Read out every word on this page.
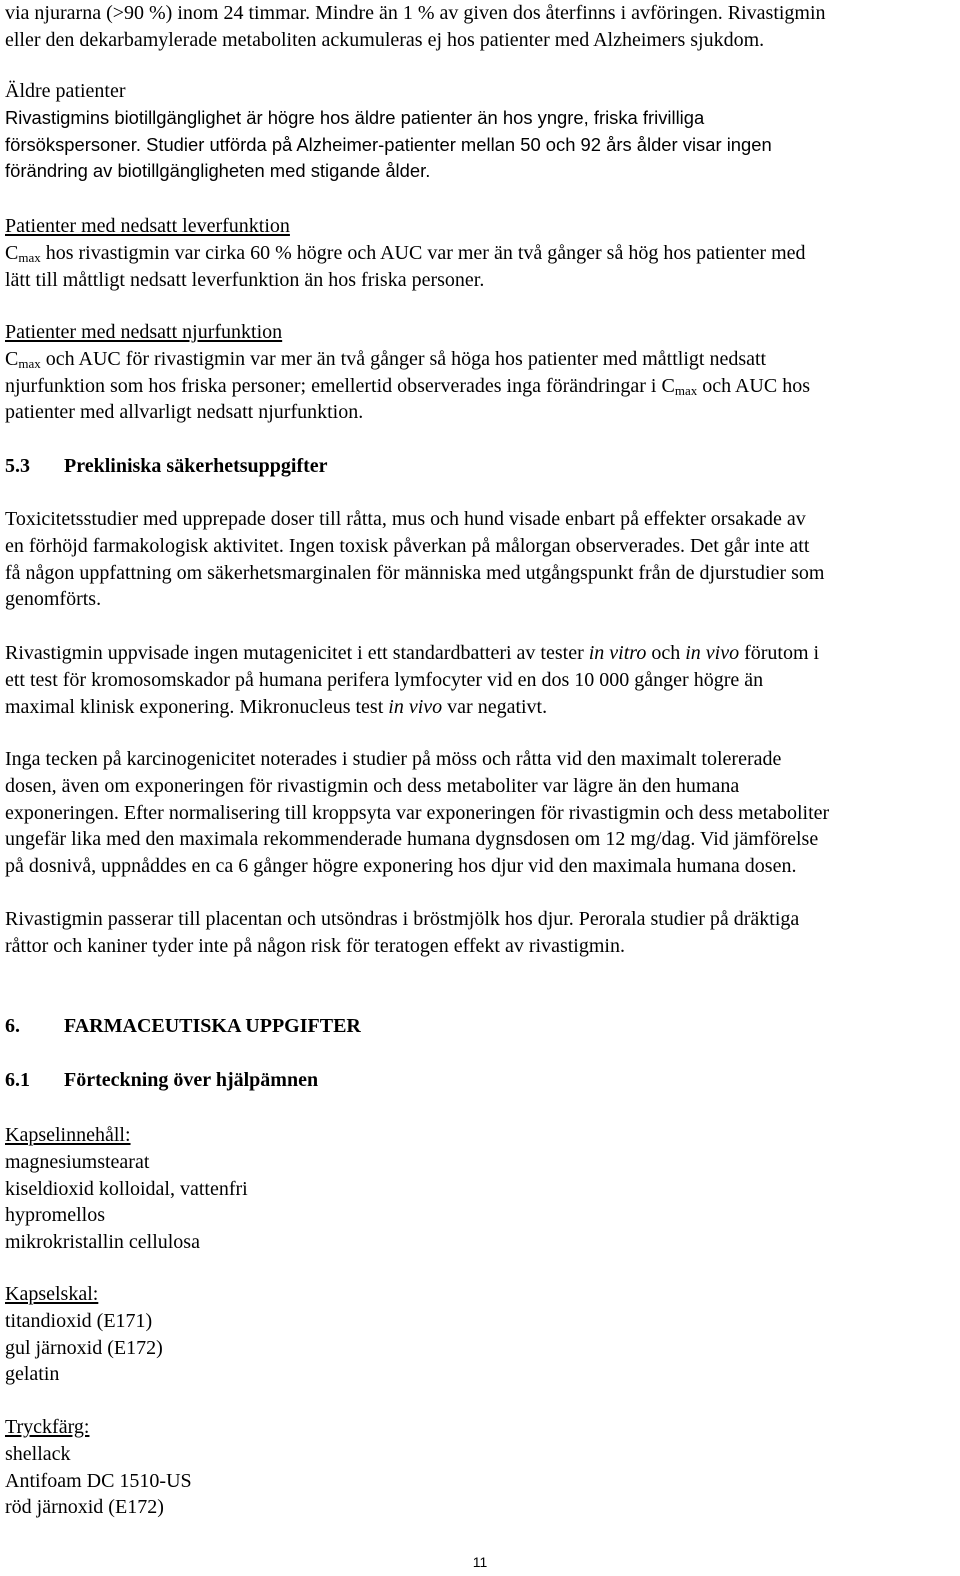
via njurarna (>90 %) inom 24 timmar. Mindre än 1 % av given dos återfinns i avföringen. Rivastigmin
eller den dekarbamylerade metaboliten ackumuleras ej hos patienter med Alzheimers sjukdom.
Äldre patienter
Rivastigmins biotillgänglighet är högre hos äldre patienter än hos yngre, friska frivilliga
försökspersoner. Studier utförda på Alzheimer-patienter mellan 50 och 92 års ålder visar ingen
förändring av biotillgängligheten med stigande ålder.
Patienter med nedsatt leverfunktion
$C_{max}$ hos rivastigmin var cirka 60 % högre och AUC var mer än två gånger så hög hos patienter med
lätt till måttligt nedsatt leverfunktion än hos friska personer.
Patienter med nedsatt njurfunktion
$C_{max}$ och AUC för rivastigmin var mer än två gånger så höga hos patienter med måttligt nedsatt
njurfunktion som hos friska personer; emellertid observerades inga förändringar i $C_{max}$ och AUC hos
patienter med allvarligt nedsatt njurfunktion.
5.3 Prekliniska säkerhetsuppgifter
Toxicitetsstudier med upprepade doser till råtta, mus och hund visade enbart på effekter orsakade av
en förhöjd farmakologisk aktivitet. Ingen toxisk påverkan på målorgan observerades. Det går inte att
få någon uppfattning om säkerhetsmarginalen för människa med utgångspunkt från de djurstudier som
genomförts.
Rivastigmin uppvisade ingen mutagenicitet i ett standardbatteri av tester in vitro och in vivo förutom i
ett test för kromosomskador på humana perifera lymfocyter vid en dos 10 000 gånger högre än
maximal klinisk exponering. Mikronucleus test in vivo var negativt.
Inga tecken på karcinogenicitet noterades i studier på möss och råtta vid den maximalt tolererade
dosen, även om exponeringen för rivastigmin och dess metaboliter var lägre än den humana
exponeringen. Efter normalisering till kroppsyta var exponeringen för rivastigmin och dess metaboliter
ungefär lika med den maximala rekommenderade humana dygnsdosen om 12 mg/dag. Vid jämförelse
på dosnivå, uppnåddes en ca 6 gånger högre exponering hos djur vid den maximala humana dosen.
Rivastigmin passerar till placentan och utsöndras i bröstmjölk hos djur. Perorala studier på dräktiga
råttor och kaniner tyder inte på någon risk för teratogen effekt av rivastigmin.
6. FARMACEUTISKA UPPGIFTER
6.1 Förteckning över hjälpämnen
Kapselinnehåll:
magnesiumstearat
kiseldioxid kolloidal, vattenfri
hypromellos
mikrokristallin cellulosa
Kapselskal:
titandioxid (E171)
gul järnoxid (E172)
gelatin
Tryckfärg:
shellack
Antifoam DC 1510-US
röd järnoxid (E172)
11
